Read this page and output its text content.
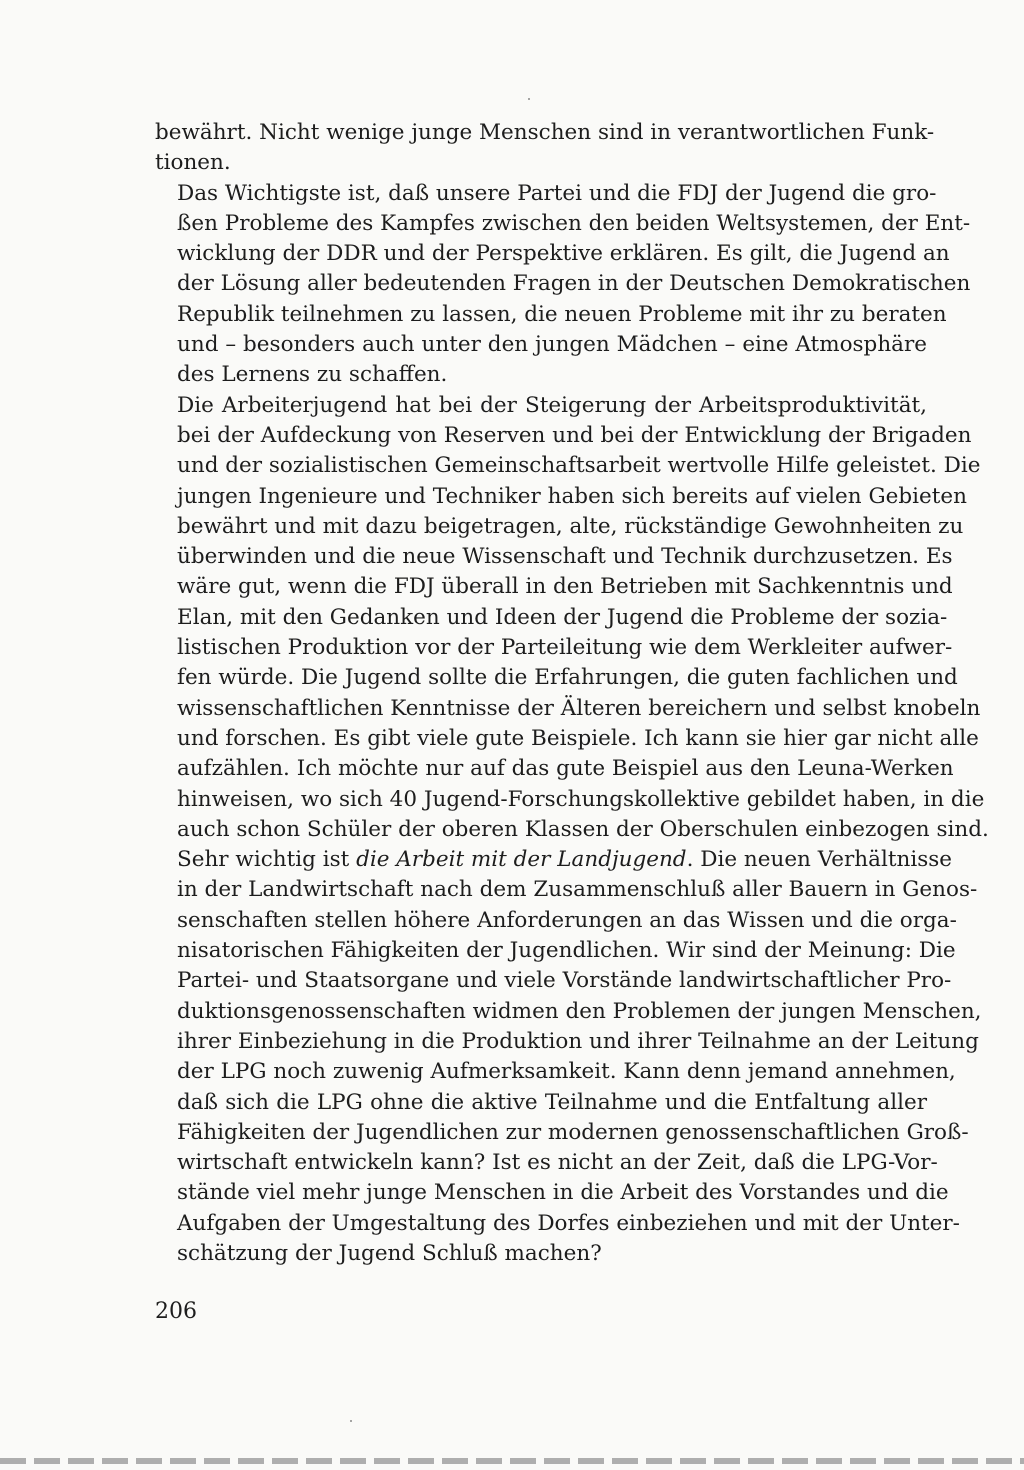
bewährt. Nicht wenige junge Menschen sind in verantwortlichen Funk-
tionen.

Das Wichtigste ist, daß unsere Partei und die FDJ der Jugend die gro-
ßen Probleme des Kampfes zwischen den beiden Weltsystemen, der Ent-
wicklung der DDR und der Perspektive erklären. Es gilt, die Jugend an
der Lösung aller bedeutenden Fragen in der Deutschen Demokratischen
Republik teilnehmen zu lassen, die neuen Probleme mit ihr zu beraten
und – besonders auch unter den jungen Mädchen – eine Atmosphäre
des Lernens zu schaffen.

Die Arbeiterjugend hat bei der Steigerung der Arbeitsproduktivität,
bei der Aufdeckung von Reserven und bei der Entwicklung der Brigaden
und der sozialistischen Gemeinschaftsarbeit wertvolle Hilfe geleistet. Die
jungen Ingenieure und Techniker haben sich bereits auf vielen Gebieten
bewährt und mit dazu beigetragen, alte, rückständige Gewohnheiten zu
überwinden und die neue Wissenschaft und Technik durchzusetzen. Es
wäre gut, wenn die FDJ überall in den Betrieben mit Sachkenntnis und
Elan, mit den Gedanken und Ideen der Jugend die Probleme der sozia-
listischen Produktion vor der Parteileitung wie dem Werkleiter aufwer-
fen würde. Die Jugend sollte die Erfahrungen, die guten fachlichen und
wissenschaftlichen Kenntnisse der Älteren bereichern und selbst knobeln
und forschen. Es gibt viele gute Beispiele. Ich kann sie hier gar nicht alle
aufzählen. Ich möchte nur auf das gute Beispiel aus den Leuna-Werken
hinweisen, wo sich 40 Jugend-Forschungskollektive gebildet haben, in die
auch schon Schüler der oberen Klassen der Oberschulen einbezogen sind.

Sehr wichtig ist die Arbeit mit der Landjugend. Die neuen Verhältnisse
in der Landwirtschaft nach dem Zusammenschluß aller Bauern in Genos-
senschaften stellen höhere Anforderungen an das Wissen und die orga-
nisatorischen Fähigkeiten der Jugendlichen. Wir sind der Meinung: Die
Partei- und Staatsorgane und viele Vorstände landwirtschaftlicher Pro-
duktionsgenossenschaften widmen den Problemen der jungen Menschen,
ihrer Einbeziehung in die Produktion und ihrer Teilnahme an der Leitung
der LPG noch zuwenig Aufmerksamkeit. Kann denn jemand annehmen,
daß sich die LPG ohne die aktive Teilnahme und die Entfaltung aller
Fähigkeiten der Jugendlichen zur modernen genossenschaftlichen Groß-
wirtschaft entwickeln kann? Ist es nicht an der Zeit, daß die LPG-Vor-
stände viel mehr junge Menschen in die Arbeit des Vorstandes und die
Aufgaben der Umgestaltung des Dorfes einbeziehen und mit der Unter-
schätzung der Jugend Schluß machen?

206
